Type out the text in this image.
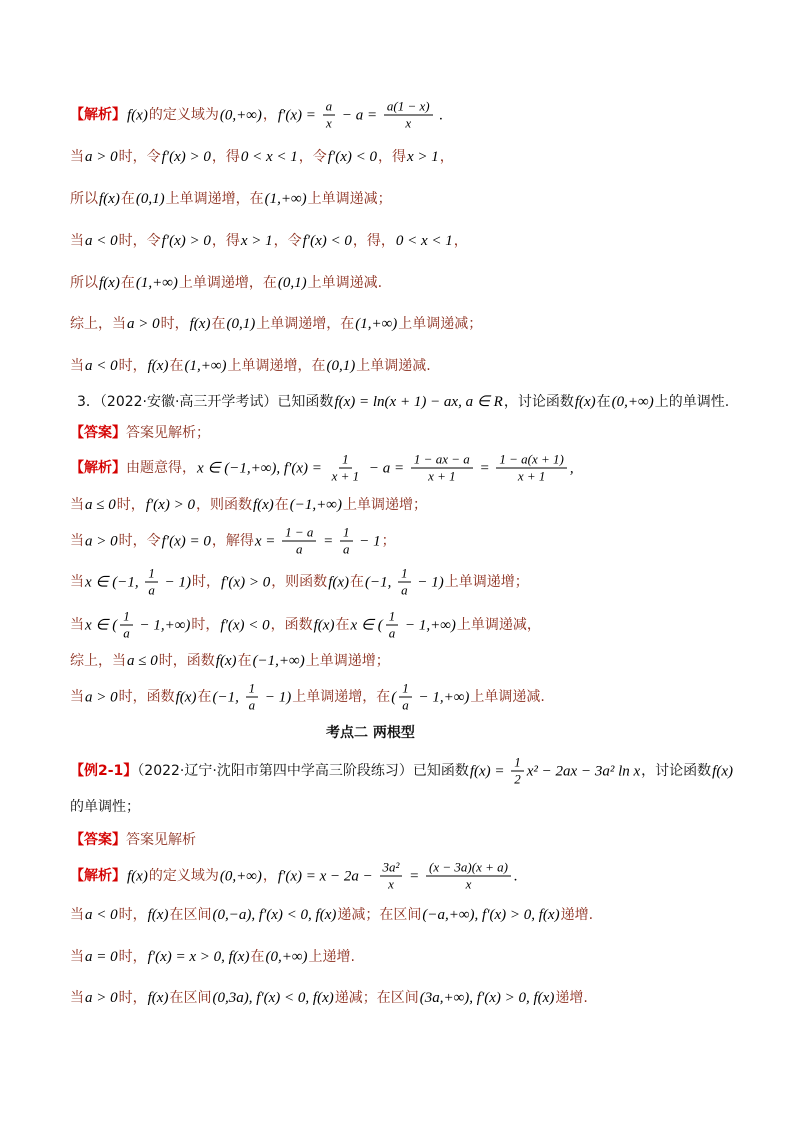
【解析】f(x)的定义域为(0,+∞)，$f'(x) = \frac{a}{x} - a = \frac{a(1 - x)}{x}$ .
当a > 0时，令f′(x) > 0，得0 < x < 1，令f′(x) < 0，得x > 1，
所以f(x)在(0,1)上单调递增，在(1,+∞)上单调递减；
当a < 0时，令f′(x) > 0，得x > 1，令f′(x) < 0，得，0 < x < 1，
所以f(x)在(1,+∞)上单调递增，在(0,1)上单调递减.
综上，当a > 0时，f(x)在(0,1)上单调递增，在(1,+∞)上单调递减；
当a < 0时，f(x)在(1,+∞)上单调递增，在(0,1)上单调递减.
3．（2022·安徽·高三开学考试）已知函数f(x) = ln(x + 1) − ax, a ∈ R，讨论函数f(x)在(0,+∞)上的单调性.
【答案】答案见解析；
【解析】由题意得，x ∈ (−1,+∞), $f'(x) = \frac{1}{x + 1} - a = \frac{1 - ax - a}{x + 1} = \frac{1 - a(x + 1)}{x + 1}$ ,
当a ≤ 0时，f′(x) > 0，则函数f(x)在(−1,+∞)上单调递增；
当a > 0时，令f′(x) = 0，解得$x = \frac{1 - a}{a} = \frac{1}{a} - 1$；
当x ∈ (−1, $\frac{1}{a} - 1$)时，f′(x) > 0，则函数f(x)在(−1, $\frac{1}{a} - 1$)上单调递增；
当x ∈ ( $\frac{1}{a} - 1,+\infty$)时，f′(x) < 0，函数f(x)在x ∈ ( $\frac{1}{a} - 1,+\infty$)上单调递减，
综上，当a ≤ 0时，函数f(x)在(−1,+∞)上单调递增；
当a > 0时，函数f(x)在(−1, $\frac{1}{a} - 1$)上单调递增，在( $\frac{1}{a} - 1,+\infty$)上单调递减.
考点二 两根型
【例2-1】（2022·辽宁·沈阳市第四中学高三阶段练习）已知函数$f(x) = \frac{1}{2} x^2 - 2ax - 3a^2$ ln x，讨论函数f(x)
的单调性；
【答案】答案见解析
【解析】f(x)的定义域为(0,+∞)，$f'(x) = x - 2a - \frac{\text{3a²}}{x} = \frac{(x - 3a)(x + a)}{x}$ .
当a < 0时，f(x)在区间(0,−a), f′(x) < 0, f(x)递减；在区间(−a,+∞), f′(x) > 0, f(x)递增.
当a = 0时，f′(x) = x > 0, f(x)在(0,+∞)上递增.
当a > 0时，f(x)在区间(0,3a), f′(x) < 0, f(x)递减；在区间(3a,+∞), f′(x) > 0, f(x)递增.
